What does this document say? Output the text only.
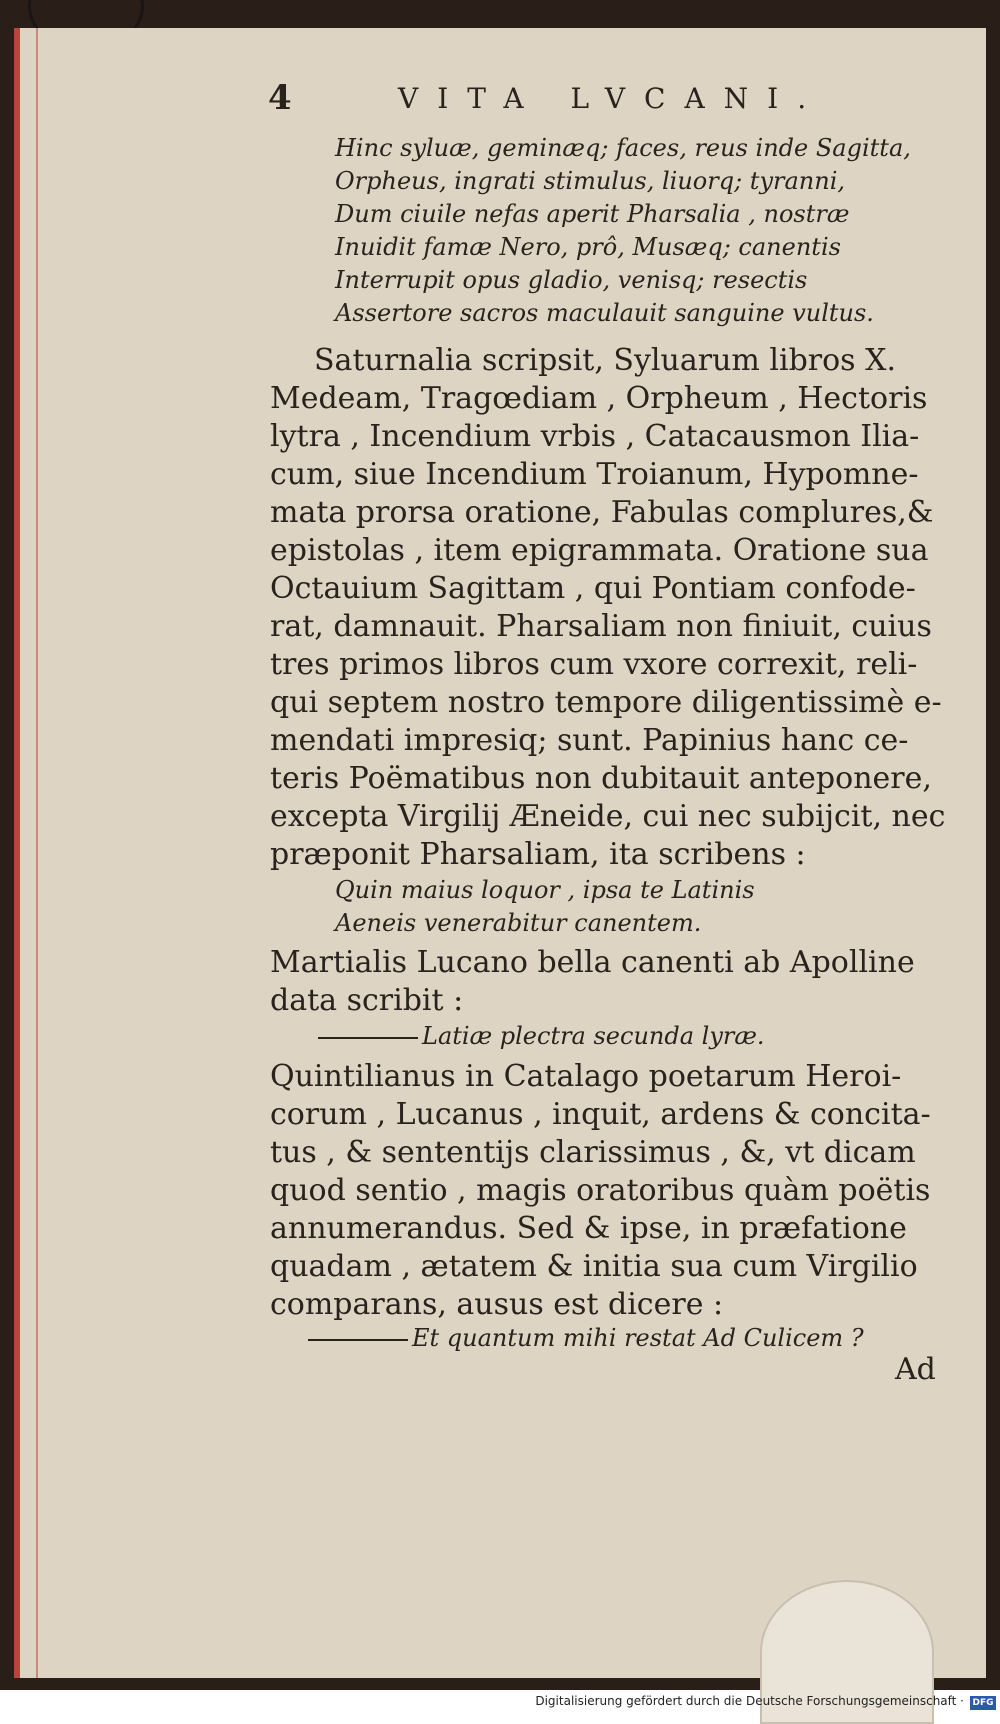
4	VITA LVCANI.
Hinc syluæ, geminæq; faces, reus inde Sagitta,
Orpheus, ingrati stimulus, liuorq; tyranni,
Dum ciuile nefas aperit Pharsalia , nostræ
Inuidit famæ Nero, prô, Musæq; canentis
Interrupit opus gladio, venisq; resectis
Assertore sacros maculauit sanguine vultus.
Saturnalia scripsit, Syluarum libros X.
Medeam, Tragœdiam , Orpheum , Hectoris
lytra , Incendium vrbis , Catacausmon Ilia-
cum, siue Incendium Troianum, Hypomne-
mata prorsa oratione, Fabulas complures,&
epistolas , item epigrammata. Oratione sua
Octauium Sagittam , qui Pontiam confode-
rat, damnauit. Pharsaliam non finiuit, cuius
tres primos libros cum vxore correxit, reli-
qui septem nostro tempore diligentissimè e-
mendati impresiq; sunt. Papinius hanc ce-
teris Poëmatibus non dubitauit anteponere,
excepta Virgilij Æneide, cui nec subijcit, nec
præponit Pharsaliam, ita scribens :
Quin maius loquor , ipsa te Latinis
Aeneis venerabitur canentem.
Martialis Lucano bella canenti ab Apolline
data scribit :
Latiæ plectra secunda lyræ.
Quintilianus in Catalago poetarum Heroi-
corum , Lucanus , inquit, ardens & concita-
tus , & sententijs clarissimus , &, vt dicam
quod sentio , magis oratoribus quàm poëtis
annumerandus. Sed & ipse, in præfatione
quadam , ætatem & initia sua cum Virgilio
comparans, ausus est dicere :
Et quantum mihi restat Ad Culicem ?
Ad
Digitalisierung gefördert durch die Deutsche Forschungsgemeinschaft · DFG
